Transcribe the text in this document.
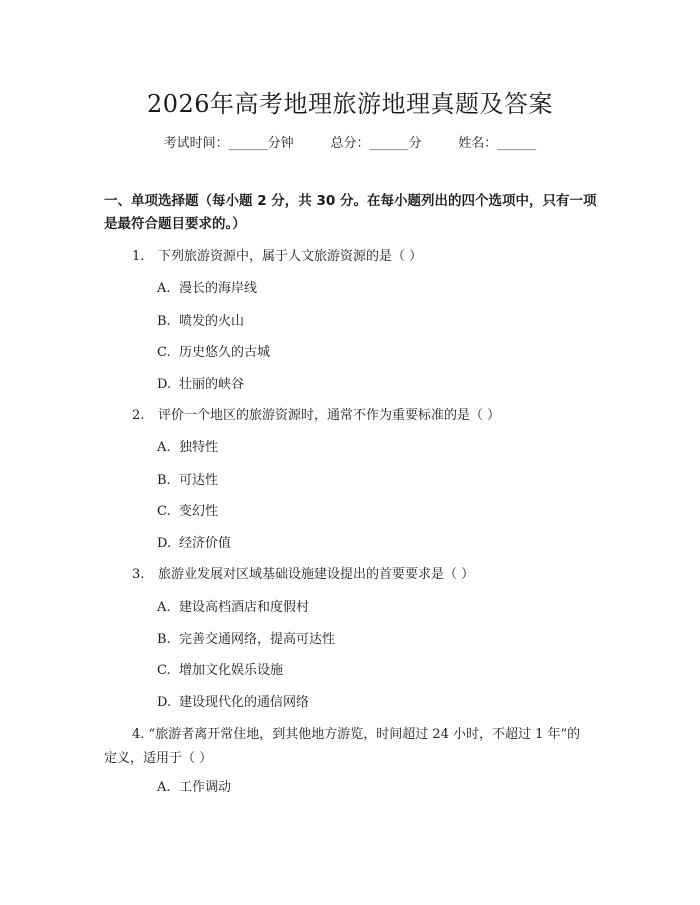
2026年高考地理旅游地理真题及答案
考试时间：______分钟	总分：______分	姓名：______
一、单项选择题（每小题 2 分，共 30 分。在每小题列出的四个选项中，只有一项是最符合题目要求的。）
1. 下列旅游资源中，属于人文旅游资源的是（ ）
A. 漫长的海岸线
B. 喷发的火山
C. 历史悠久的古城
D. 壮丽的峡谷
2. 评价一个地区的旅游资源时，通常不作为重要标准的是（ ）
A. 独特性
B. 可达性
C. 变幻性
D. 经济价值
3. 旅游业发展对区域基础设施建设提出的首要要求是（ ）
A. 建设高档酒店和度假村
B. 完善交通网络，提高可达性
C. 增加文化娱乐设施
D. 建设现代化的通信网络
4. “旅游者离开常住地，到其他地方游览，时间超过 24 小时，不超过 1 年”的定义，适用于（ ）
A. 工作调动
